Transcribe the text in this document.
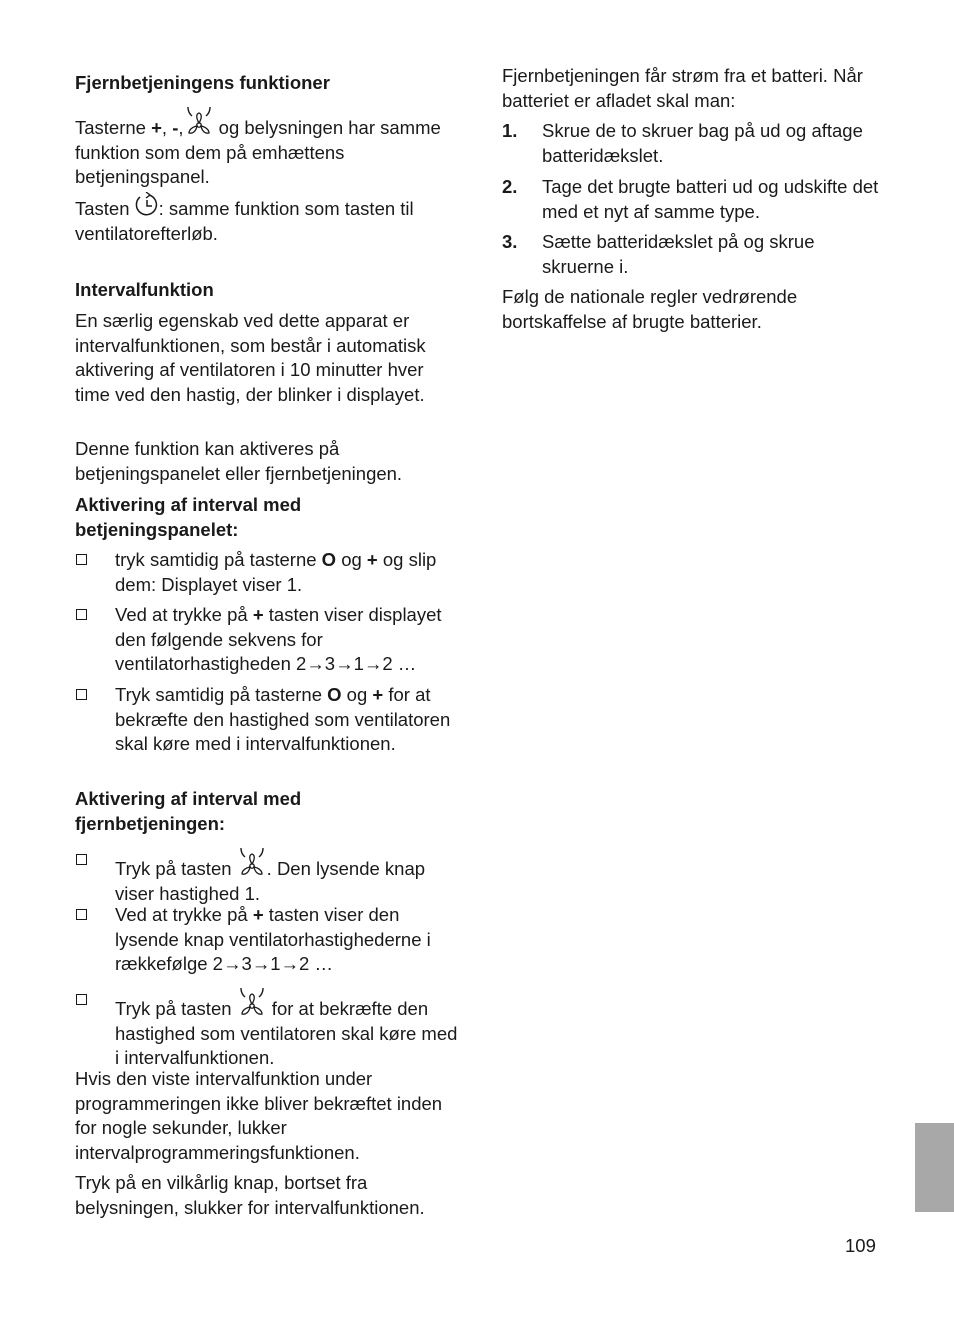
Fjernbetjeningens funktioner

Tasterne +, -,
og belysningen har samme funktion som dem på emhættens betjeningspanel.

Tasten
: samme funktion som tasten til ventilatorefterløb.

Intervalfunktion

En særlig egenskab ved dette apparat er intervalfunktionen, som består i automatisk aktivering af ventilatoren i 10 minutter hver time ved den hastig, der blinker i displayet.

Denne funktion kan aktiveres på betjeningspanelet eller fjernbetjeningen.

Aktivering af interval med
betjeningspanelet:
tryk samtidig på tasterne O og + og slip dem: Displayet viser 1.
Ved at trykke på + tasten viser displayet den følgende sekvens for ventilatorhastigheden 2→3→1→2 …
Tryk samtidig på tasterne O og + for at bekræfte den hastighed som ventilatoren skal køre med i intervalfunktionen.
Aktivering af interval med
fjernbetjeningen:
Tryk på tasten
. Den lysende knap viser hastighed 1.
Ved at trykke på + tasten viser den lysende knap ventilatorhastighederne i rækkefølge 2→3→1→2 …
Tryk på tasten
for at bekræfte den hastighed som ventilatoren skal køre med i intervalfunktionen.

Hvis den viste intervalfunktion under programmeringen ikke bliver bekræftet inden for nogle sekunder, lukker intervalprogrammeringsfunktionen.

Tryk på en vilkårlig knap, bortset fra belysningen, slukker for intervalfunktionen.

Fjernbetjeningen får strøm fra et batteri. Når batteriet er afladet skal man:

1. Skrue de to skruer bag på ud og aftage batteridækslet.
2. Tage det brugte batteri ud og udskifte det med et nyt af samme type.
3. Sætte batteridækslet på og skrue skruerne i.

Følg de nationale regler vedrørende bortskaffelse af brugte batterier.

109
